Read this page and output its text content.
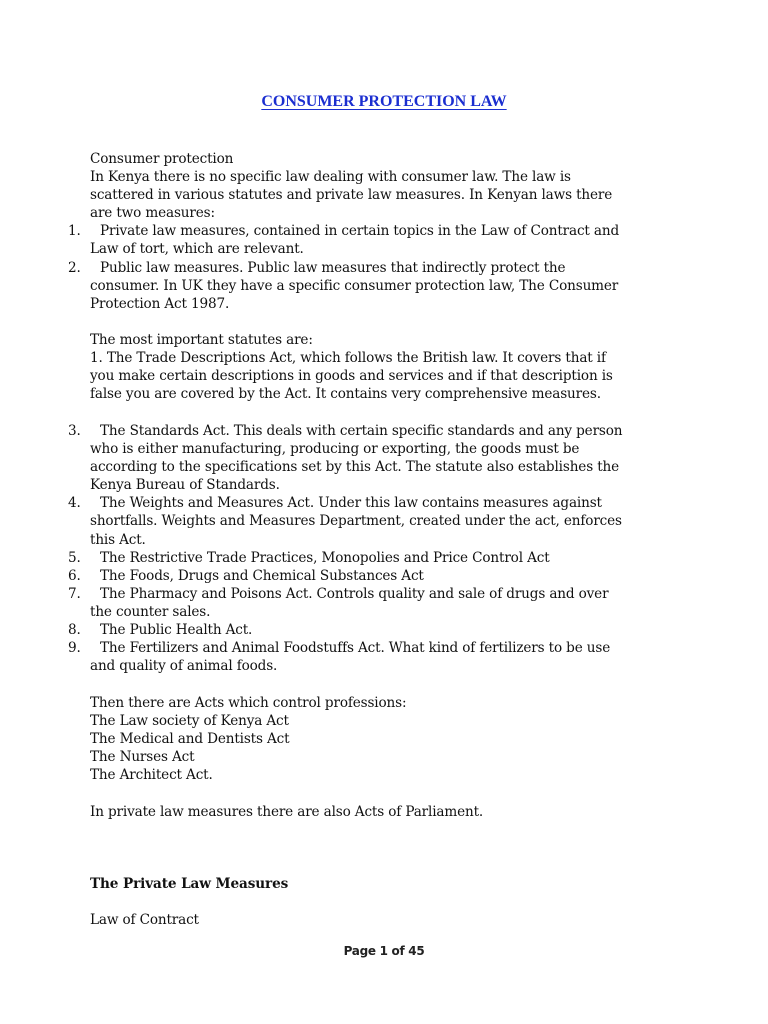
CONSUMER PROTECTION LAW
Consumer protection
In Kenya there is no specific law dealing with consumer law. The law is
scattered in various statutes and private law measures. In Kenyan laws there
are two measures:
1.	Private law measures, contained in certain topics in the Law of Contract and
Law of tort, which are relevant.
2.	Public law measures. Public law measures that indirectly protect the
consumer. In UK they have a specific consumer protection law, The Consumer
Protection Act 1987.
The most important statutes are:
1. The Trade Descriptions Act, which follows the British law. It covers that if
you make certain descriptions in goods and services and if that description is
false you are covered by the Act. It contains very comprehensive measures.
3.	The Standards Act. This deals with certain specific standards and any person
who is either manufacturing, producing or exporting, the goods must be
according to the specifications set by this Act. The statute also establishes the
Kenya Bureau of Standards.
4.	The Weights and Measures Act. Under this law contains measures against
shortfalls. Weights and Measures Department, created under the act, enforces
this Act.
5.	The Restrictive Trade Practices, Monopolies and Price Control Act
6.	The Foods, Drugs and Chemical Substances Act
7.	The Pharmacy and Poisons Act. Controls quality and sale of drugs and over
the counter sales.
8.	The Public Health Act.
9.	The Fertilizers and Animal Foodstuffs Act. What kind of fertilizers to be use
and quality of animal foods.
Then there are Acts which control professions:
The Law society of Kenya Act
The Medical and Dentists Act
The Nurses Act
The Architect Act.
In private law measures there are also Acts of Parliament.
The Private Law Measures
Law of Contract
Page 1 of 45
